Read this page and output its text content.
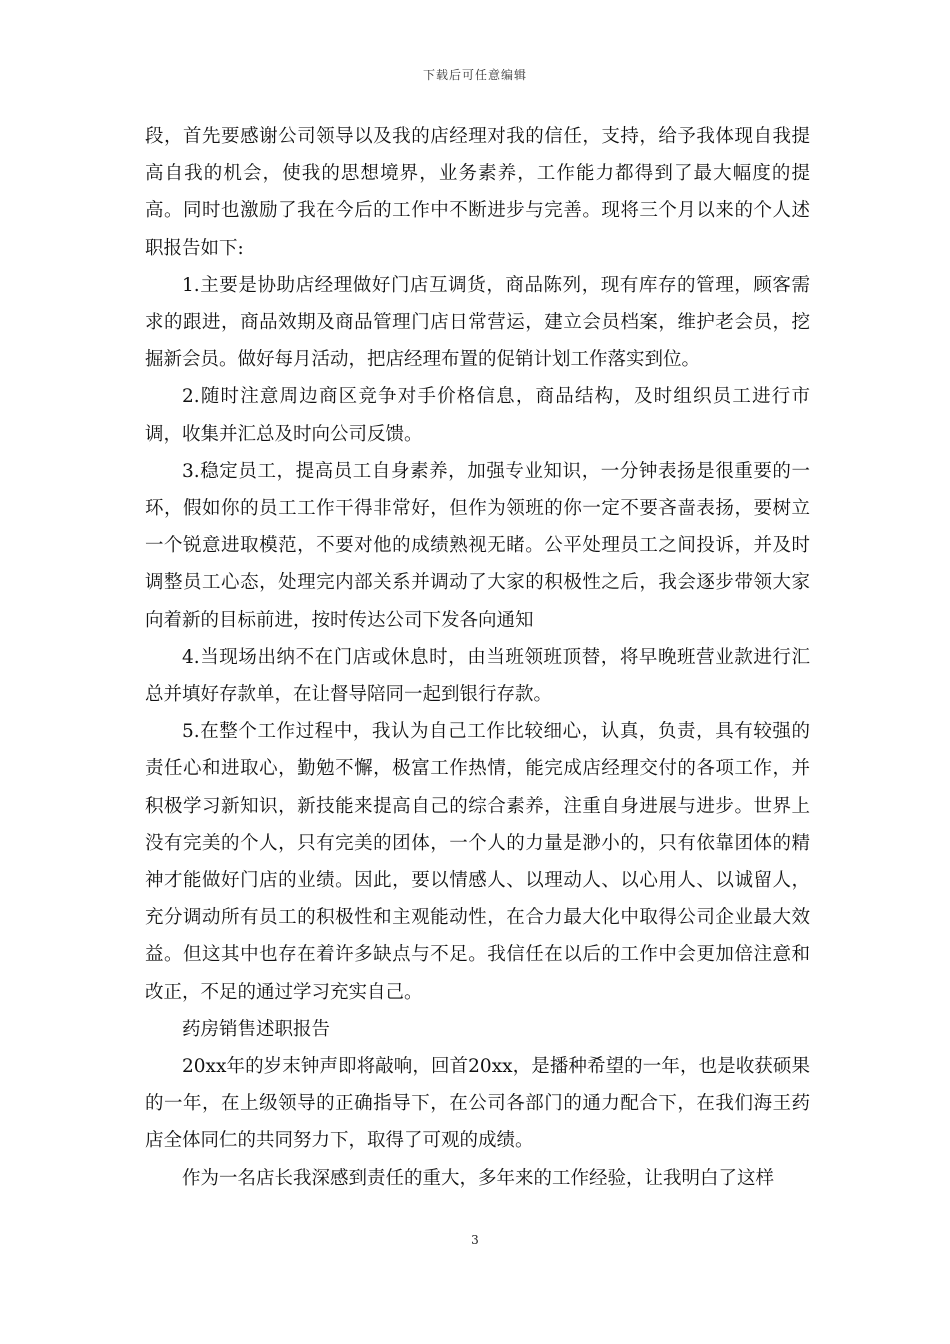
下载后可任意编辑

段，首先要感谢公司领导以及我的店经理对我的信任，支持，给予我体现自我提高自我的机会，使我的思想境界，业务素养，工作能力都得到了最大幅度的提高。同时也激励了我在今后的工作中不断进步与完善。现将三个月以来的个人述职报告如下:

1.主要是协助店经理做好门店互调货，商品陈列，现有库存的管理，顾客需求的跟进，商品效期及商品管理门店日常营运，建立会员档案，维护老会员，挖掘新会员。做好每月活动，把店经理布置的促销计划工作落实到位。

2.随时注意周边商区竞争对手价格信息，商品结构，及时组织员工进行市调，收集并汇总及时向公司反馈。

3.稳定员工，提高员工自身素养，加强专业知识，一分钟表扬是很重要的一环，假如你的员工工作干得非常好，但作为领班的你一定不要吝啬表扬，要树立一个锐意进取模范，不要对他的成绩熟视无睹。公平处理员工之间投诉，并及时调整员工心态，处理完内部关系并调动了大家的积极性之后，我会逐步带领大家向着新的目标前进，按时传达公司下发各向通知

4.当现场出纳不在门店或休息时，由当班领班顶替，将早晚班营业款进行汇总并填好存款单，在让督导陪同一起到银行存款。

5.在整个工作过程中，我认为自己工作比较细心，认真，负责，具有较强的责任心和进取心，勤勉不懈，极富工作热情，能完成店经理交付的各项工作，并积极学习新知识，新技能来提高自己的综合素养，注重自身进展与进步。世界上没有完美的个人，只有完美的团体，一个人的力量是渺小的，只有依靠团体的精神才能做好门店的业绩。因此，要以情感人、以理动人、以心用人、以诚留人，充分调动所有员工的积极性和主观能动性，在合力最大化中取得公司企业最大效益。但这其中也存在着许多缺点与不足。我信任在以后的工作中会更加倍注意和改正，不足的通过学习充实自己。

药房销售述职报告

20xx年的岁末钟声即将敲响，回首20xx，是播种希望的一年，也是收获硕果的一年，在上级领导的正确指导下，在公司各部门的通力配合下，在我们海王药店全体同仁的共同努力下，取得了可观的成绩。

作为一名店长我深感到责任的重大，多年来的工作经验，让我明白了这样

3
